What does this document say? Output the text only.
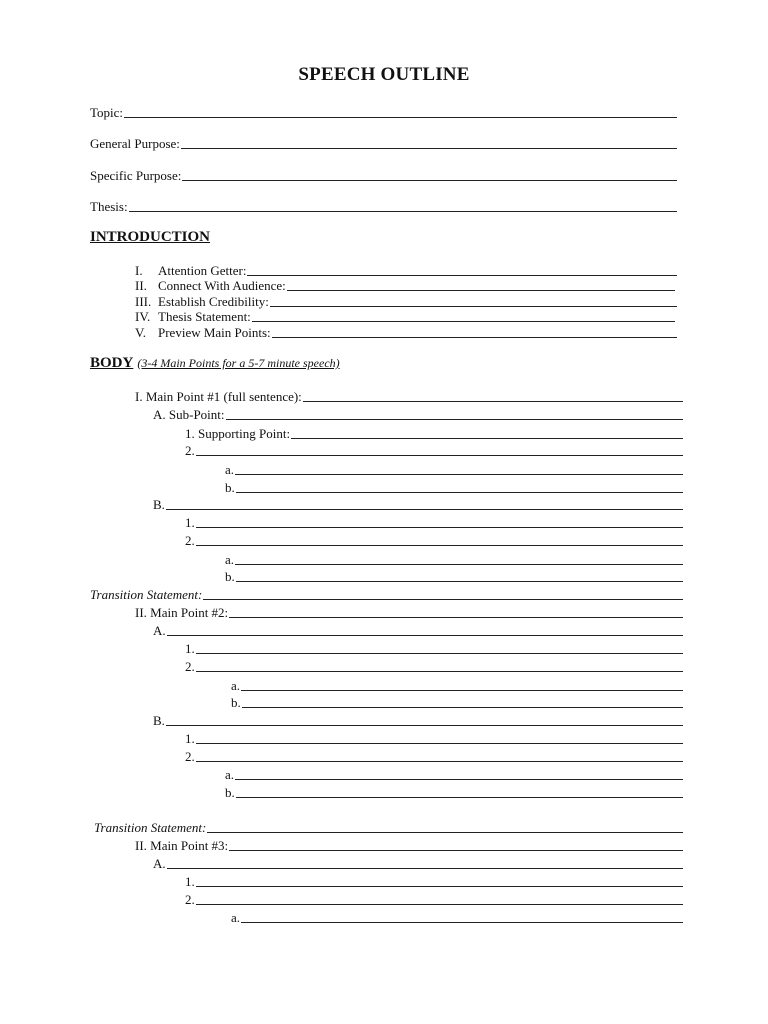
SPEECH OUTLINE
Topic:
General Purpose:
Specific Purpose:
Thesis:
INTRODUCTION
I. Attention Getter:
II. Connect With Audience:
III. Establish Credibility:
IV. Thesis Statement:
V. Preview Main Points:
BODY (3-4 Main Points for a 5-7 minute speech)
I. Main Point #1 (full sentence):
A. Sub-Point:
1. Supporting Point:
2.
a.
b.
B.
1.
2.
a.
b.
Transition Statement:
II. Main Point #2:
A.
1.
2.
a.
b.
B.
1.
2.
a.
b.
Transition Statement:
II. Main Point #3:
A.
1.
2.
a.
